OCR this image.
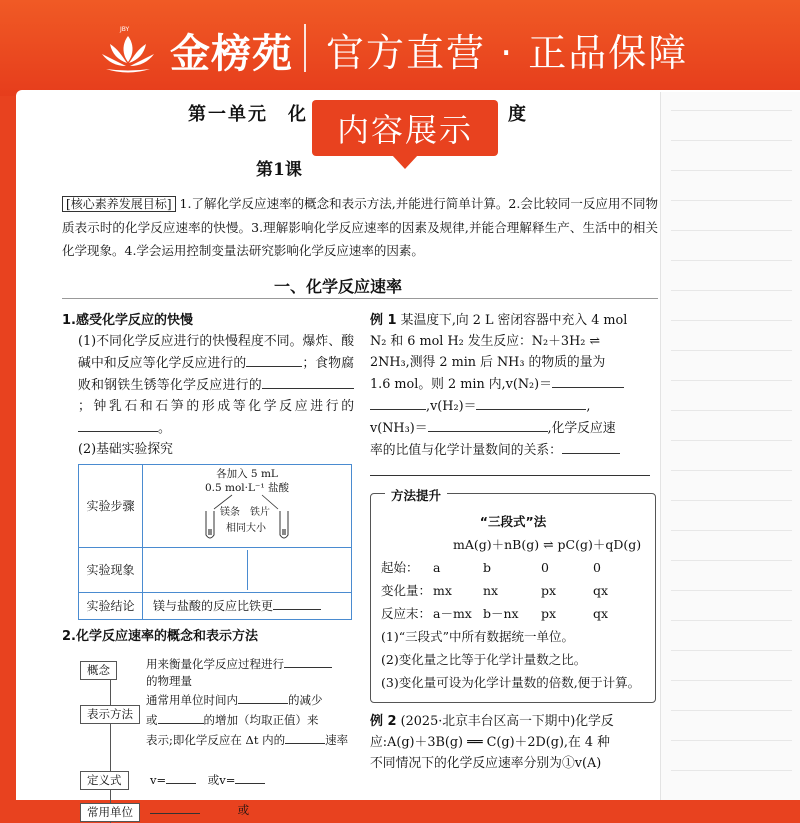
JBY
金榜苑 官方直营 · 正品保障
第一单元　化	度
第1课
内容展示
[核心素养发展目标] 1.了解化学反应速率的概念和表示方法,并能进行简单计算。2.会比较同一反应用不同物质表示时的化学反应速率的快慢。3.理解影响化学反应速率的因素及规律,并能合理解释生产、生活中的相关化学现象。4.学会运用控制变量法研究影响化学反应速率的因素。
一、化学反应速率
1.感受化学反应的快慢
(1)不同化学反应进行的快慢程度不同。爆炸、酸碱中和反应等化学反应进行的	；食物腐败和钢铁生锈等化学反应进行的；钟乳石和石笋的形成等化学反应进行的。
(2)基础实验探究
实验步骤	各加入 5 mL
0.5 mol·L⁻¹ 盐酸
镁条 铁片
相同大小

实验现象	

实验结论	镁与盐酸的反应比铁更
2.化学反应速率的概念和表示方法
概念	用来衡量化学反应过程进行
的物理量
表示方法
通常用单位时间内	的减少
或	的增加（均取正值）来
表示;即化学反应在 Δt 内的	速率
定义式	v=	或v=
常用单位	或
例 1 某温度下,向 2 L 密闭容器中充入 4 mol
N₂ 和 6 mol H₂ 发生反应：N₂＋3H₂ ⇌
2NH₃,测得 2 min 后 NH₃ 的物质的量为
1.6 mol。则 2 min 内,v(N₂)＝
,v(H₂)＝	,
v(NH₃)＝	,化学反应速
率的比值与化学计量数间的关系：

方法提升
“三段式”法
mA(g)＋nB(g) ⇌ pC(g)＋qD(g)
起始：	a	b	0	0
变化量： mx	nx	px	qx
反应末： a－mx b－nx	px	qx
(1)“三段式”中所有数据统一单位。
(2)变化量之比等于化学计量数之比。
(3)变化量可设为化学计量数的倍数,便于计算。
例 2 (2025·北京丰台区高一下期中)化学反
应:A(g)＋3B(g) ══ C(g)＋2D(g),在 4 种
不同情况下的化学反应速率分别为①v(A)
